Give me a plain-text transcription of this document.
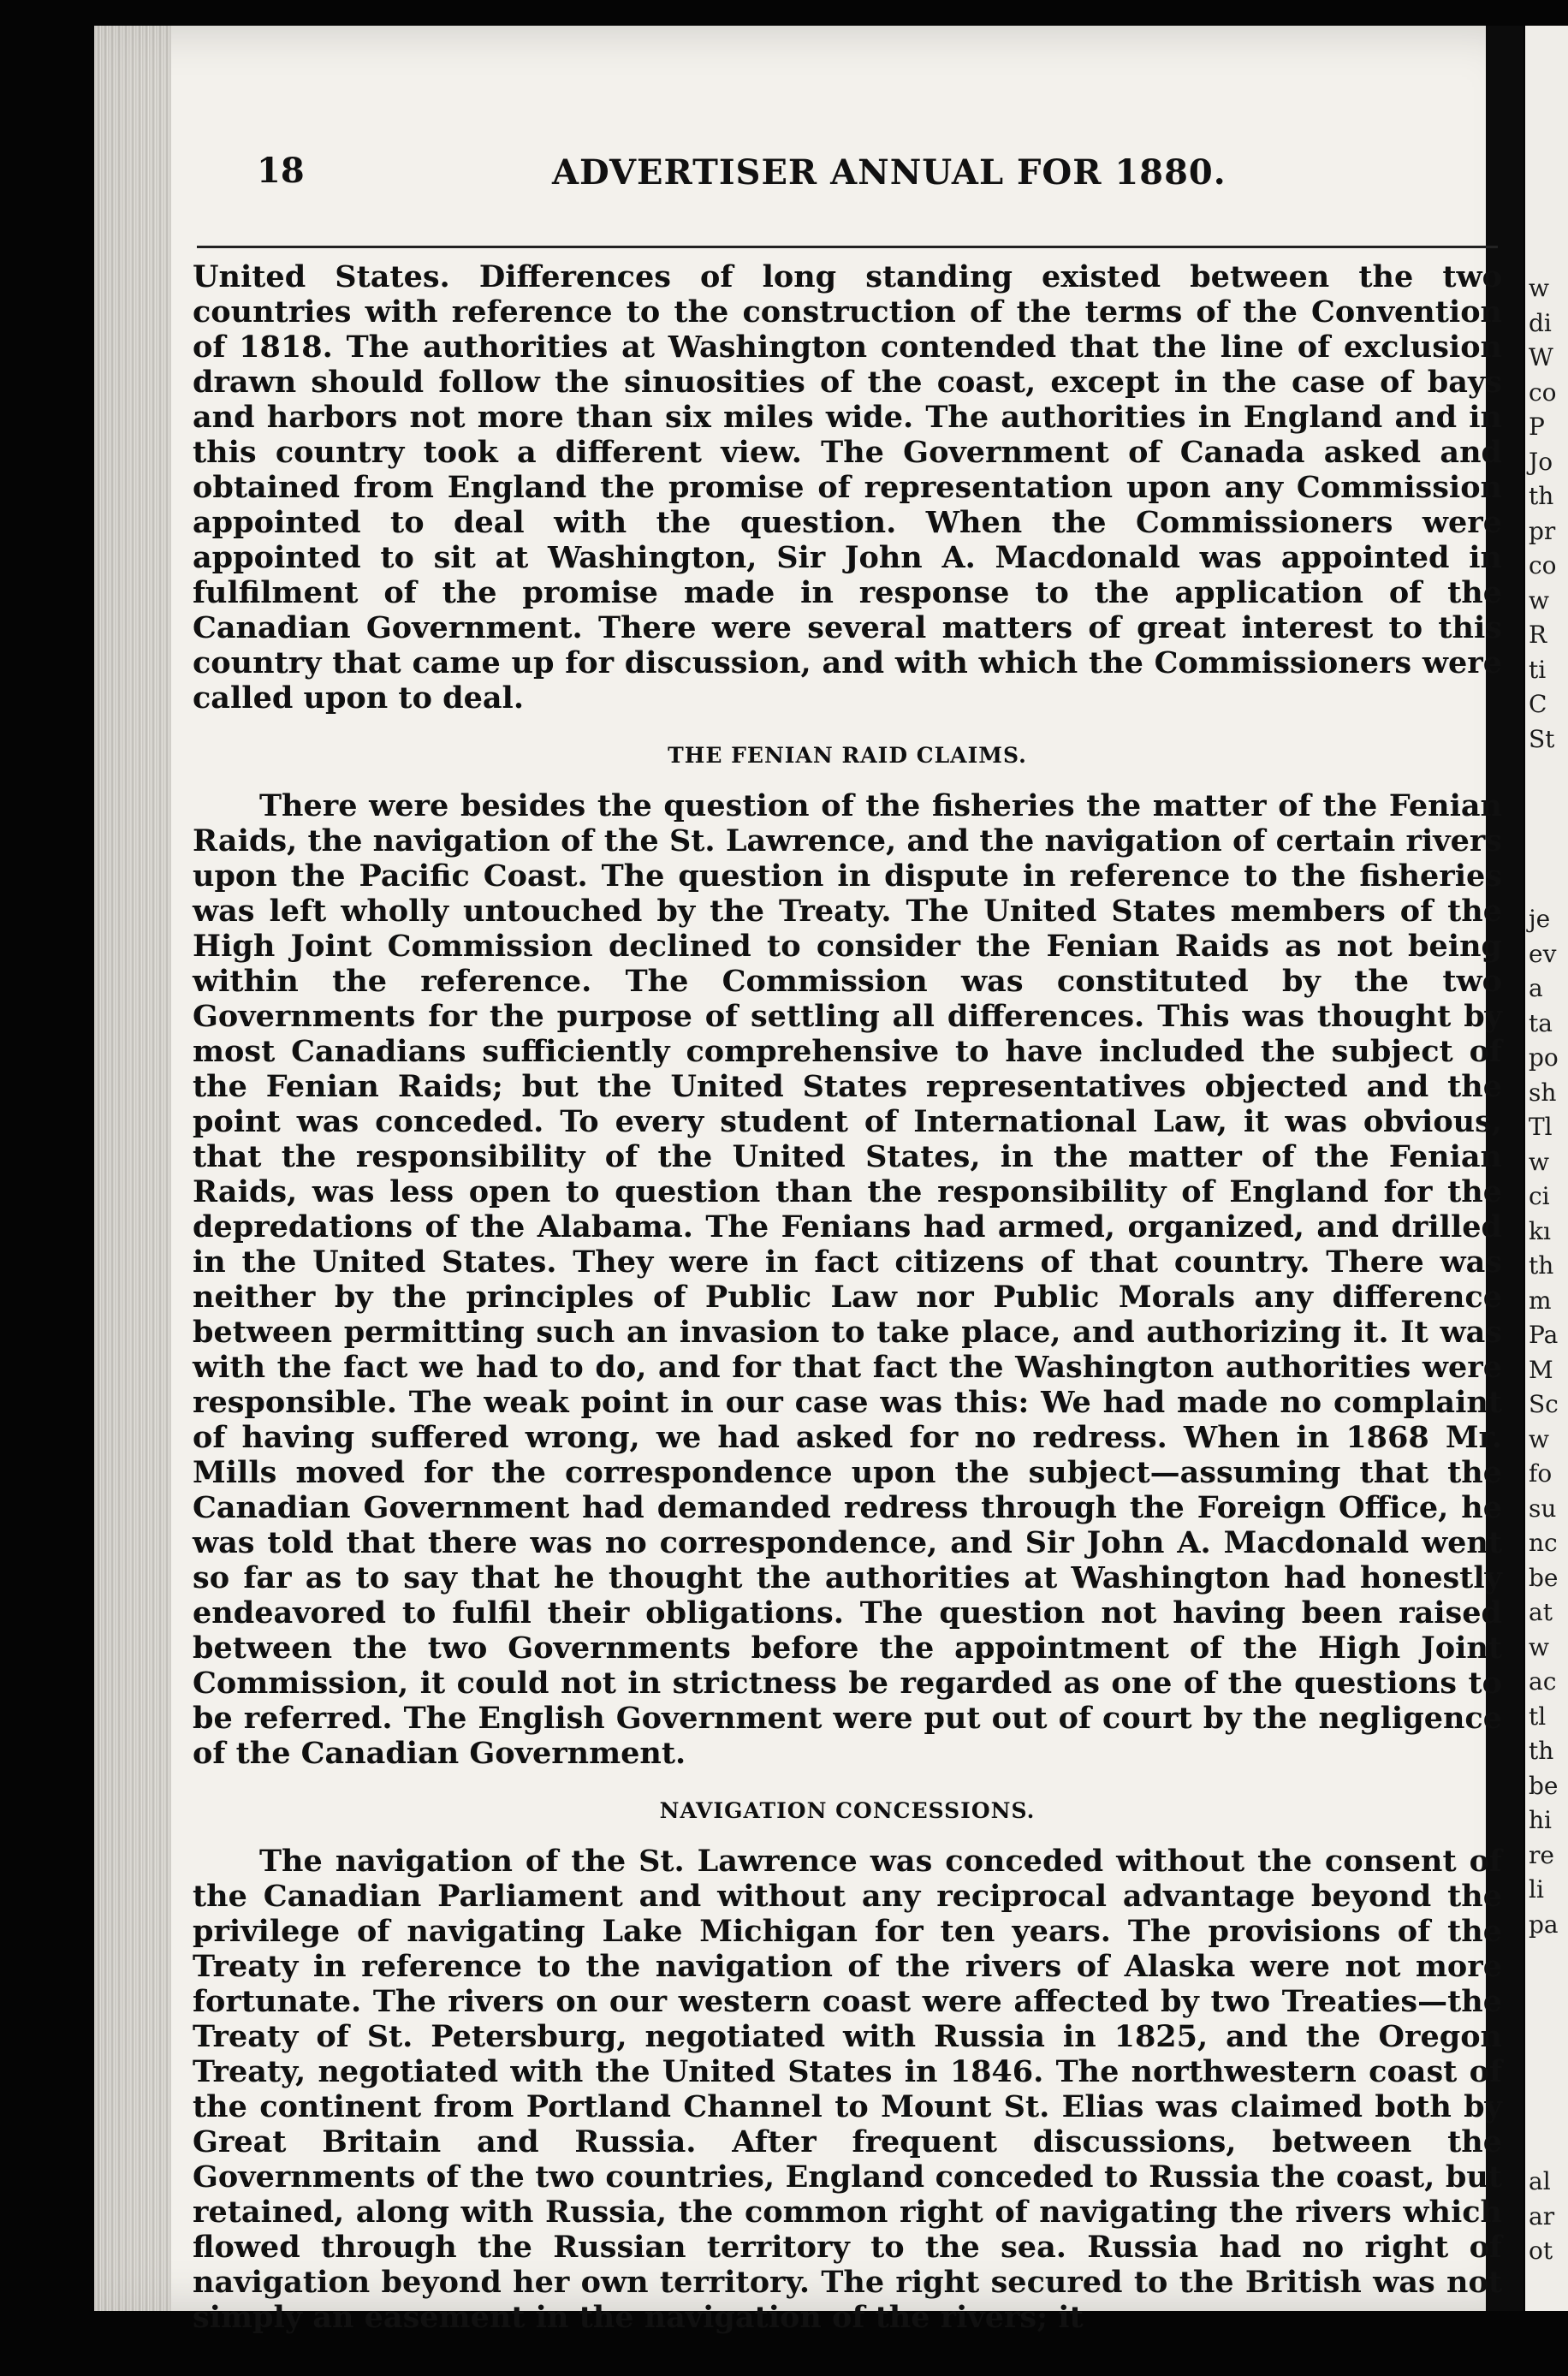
w
di
W
co
P
Jo
th
pr
co
w
R
ti
C
St
je
ev
a
ta
po
sh
Tl
w
ci
kı
th
m
Pa
M
Sc
w
fo
su
nc
be
at
w
ac
tl
th
be
hi
re
li
pa
al
ar
ot
18	ADVERTISER ANNUAL FOR 1880.

United States. Differences of long standing existed between the two countries with reference to the construction of the terms of the Convention of 1818. The authorities at Washington contended that the line of exclusion drawn should follow the sinuosities of the coast, except in the case of bays and harbors not more than six miles wide. The authorities in England and in this country took a different view. The Government of Canada asked and obtained from England the promise of representation upon any Commission appointed to deal with the question. When the Commissioners were appointed to sit at Washington, Sir John A. Macdonald was appointed in fulfilment of the promise made in response to the application of the Canadian Government. There were several matters of great interest to this country that came up for discussion, and with which the Commissioners were called upon to deal.

THE FENIAN RAID CLAIMS.

There were besides the question of the fisheries the matter of the Fenian Raids, the navigation of the St. Lawrence, and the navigation of certain rivers upon the Pacific Coast. The question in dispute in reference to the fisheries was left wholly untouched by the Treaty. The United States members of the High Joint Commission declined to consider the Fenian Raids as not being within the reference. The Commission was constituted by the two Governments for the purpose of settling all differences. This was thought by most Canadians sufficiently comprehensive to have included the subject of the Fenian Raids; but the United States representatives objected and the point was conceded. To every student of International Law, it was obvious, that the responsibility of the United States, in the matter of the Fenian Raids, was less open to question than the responsibility of England for the depredations of the Alabama. The Fenians had armed, organized, and drilled in the United States. They were in fact citizens of that country. There was neither by the principles of Public Law nor Public Morals any difference between permitting such an invasion to take place, and authorizing it. It was with the fact we had to do, and for that fact the Washington authorities were responsible. The weak point in our case was this: We had made no complaint of having suffered wrong, we had asked for no redress. When in 1868 Mr. Mills moved for the correspondence upon the subject—assuming that the Canadian Government had demanded redress through the Foreign Office, he was told that there was no correspondence, and Sir John A. Macdonald went so far as to say that he thought the authorities at Washington had honestly endeavored to fulfil their obligations. The question not having been raised between the two Governments before the appointment of the High Joint Commission, it could not in strictness be regarded as one of the questions to be referred. The English Government were put out of court by the negligence of the Canadian Government.

NAVIGATION CONCESSIONS.

The navigation of the St. Lawrence was conceded without the consent of the Canadian Parliament and without any reciprocal advantage beyond the privilege of navigating Lake Michigan for ten years. The provisions of the Treaty in reference to the navigation of the rivers of Alaska were not more fortunate. The rivers on our western coast were affected by two Treaties—the Treaty of St. Petersburg, negotiated with Russia in 1825, and the Oregon Treaty, negotiated with the United States in 1846. The northwestern coast of the continent from Portland Channel to Mount St. Elias was claimed both by Great Britain and Russia. After frequent discussions, between the Governments of the two countries, England conceded to Russia the coast, but retained, along with Russia, the common right of navigating the rivers which flowed through the Russian territory to the sea. Russia had no right of navigation beyond her own territory. The right secured to the British was not simply an easement in the navigation of the rivers; it
